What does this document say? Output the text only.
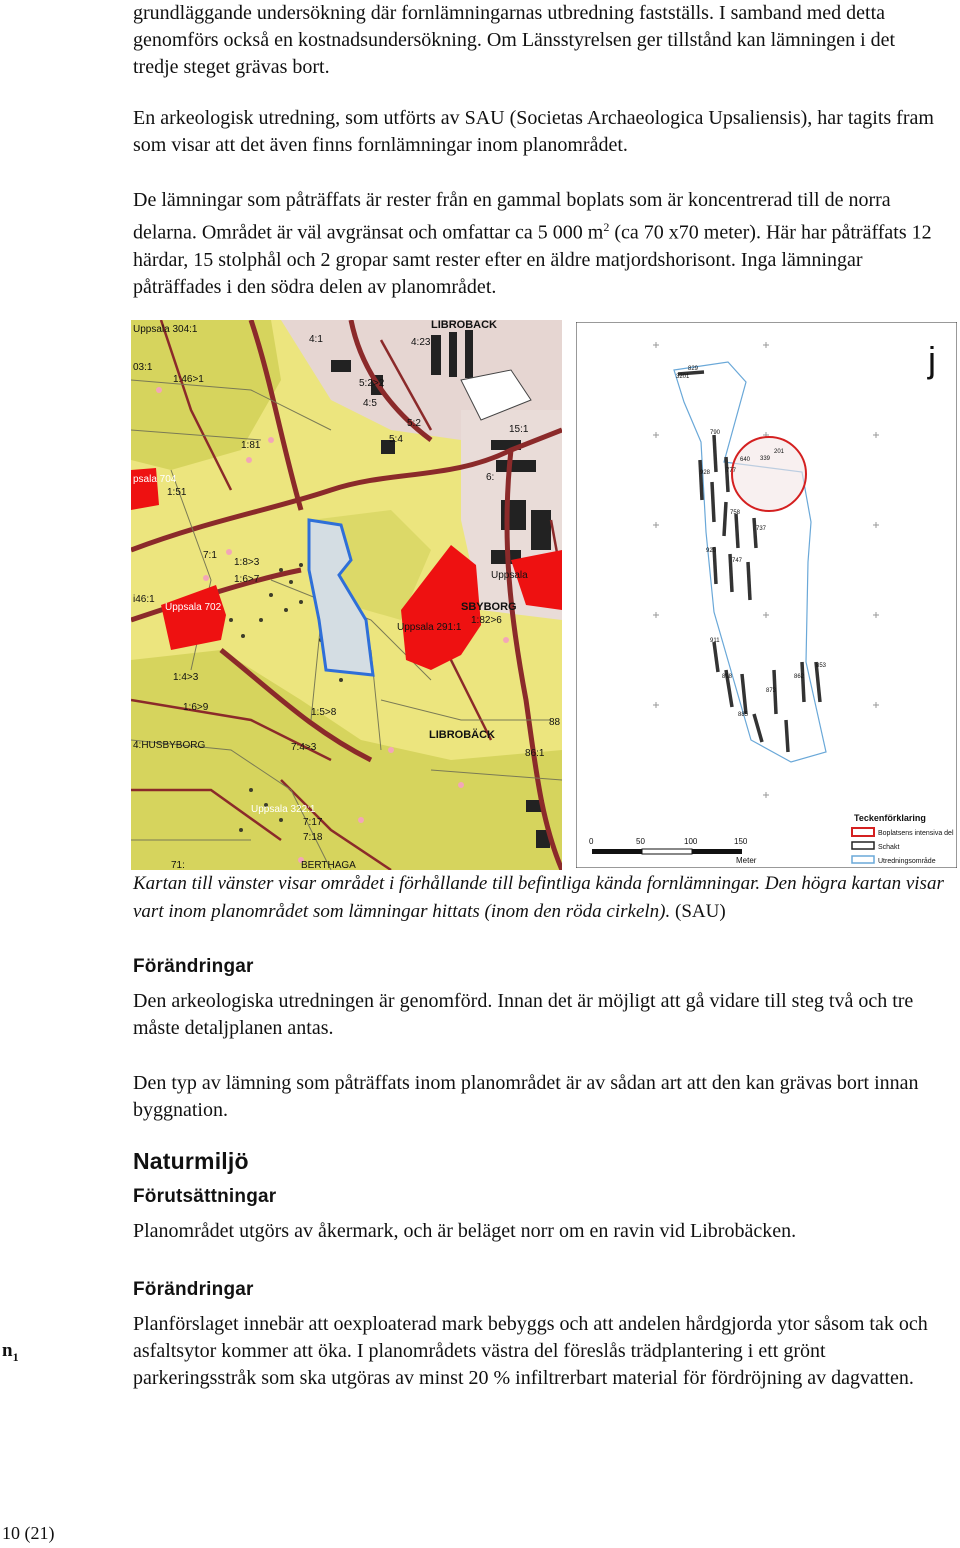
grundläggande undersökning där fornlämningarnas utbredning fastställs. I samband med detta genomförs också en kostnadsundersökning. Om Länsstyrelsen ger tillstånd kan lämningen i det tredje steget grävas bort.

En arkeologisk utredning, som utförts av SAU (Societas Archaeologica Upsaliensis), har tagits fram som visar att det även finns fornlämningar inom planområdet.

De lämningar som påträffats är rester från en gammal boplats som är koncentrerad till de norra delarna. Området är väl avgränsat och omfattar ca 5 000 $m^2$ (ca 70 x70 meter). Här har påträffats 12 härdar, 15 stolphål och 2 gropar samt rester efter en äldre matjordshorisont. Inga lämningar påträffades i den södra delen av planområdet.

Uppsala 304:1	LIBROBACK
4:1	4:23
03:1
1:46>1	5:2>2
4:5
5:2
1:81
5:4
15:1
psala 704
1:51
6:
7:1
1:8>3
1:6>7
i46:1
Uppsala 702
Uppsala
SBYBORG
Uppsala 291:1
1:82>6
1:4>3
1:6>9	1:5>8
4:HUSBYBORG	7:4>3
LIBROBÄCK
86:1
Uppsala 322:1
7:17
7:18
88
71:	BERTHAGA
j
829
3201
790
640 339
201
928	777
758
737
920
747
911
853
862
898
873
885
0	50	100	150
Meter
Teckenförklaring
Boplatsens intensiva del
Schakt
Utredningsområde

Kartan till vänster visar området i förhållande till befintliga kända fornlämningar. Den högra kartan visar vart inom planområdet som lämningar hittats (inom den röda cirkeln). (SAU)

Förändringar

Den arkeologiska utredningen är genomförd. Innan det är möjligt att gå vidare till steg två och tre måste detaljplanen antas.

Den typ av lämning som påträffats inom planområdet är av sådan art att den kan grävas bort innan byggnation.

Naturmiljö
Förutsättningar

Planområdet utgörs av åkermark, och är beläget norr om en ravin vid Librobäcken.

Förändringar

Planförslaget innebär att oexploaterad mark bebyggs och att andelen hårdgjorda ytor såsom tak och asfaltsytor kommer att öka. I planområdets västra del föreslås trädplantering i ett grönt parkeringsstråk som ska utgöras av minst 20 % infiltrerbart material för fördröjning av dagvatten.

$n_1$
10 (21)
